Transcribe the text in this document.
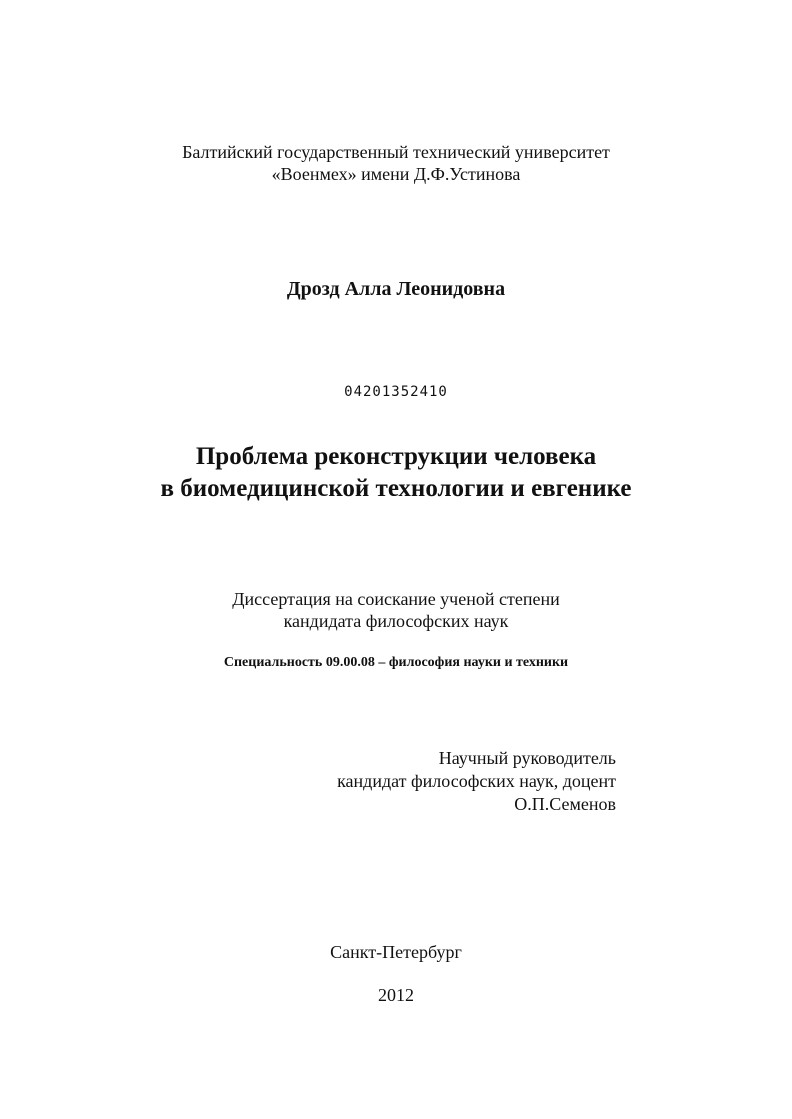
Балтийский государственный технический университет
«Военмех» имени Д.Ф.Устинова
Дрозд Алла Леонидовна
04201352410
Проблема реконструкции человека
в биомедицинской технологии и евгенике
Диссертация на соискание ученой степени
кандидата философских наук
Специальность 09.00.08 – философия науки и техники
Научный руководитель
кандидат философских наук, доцент
О.П.Семенов
Санкт-Петербург
2012
